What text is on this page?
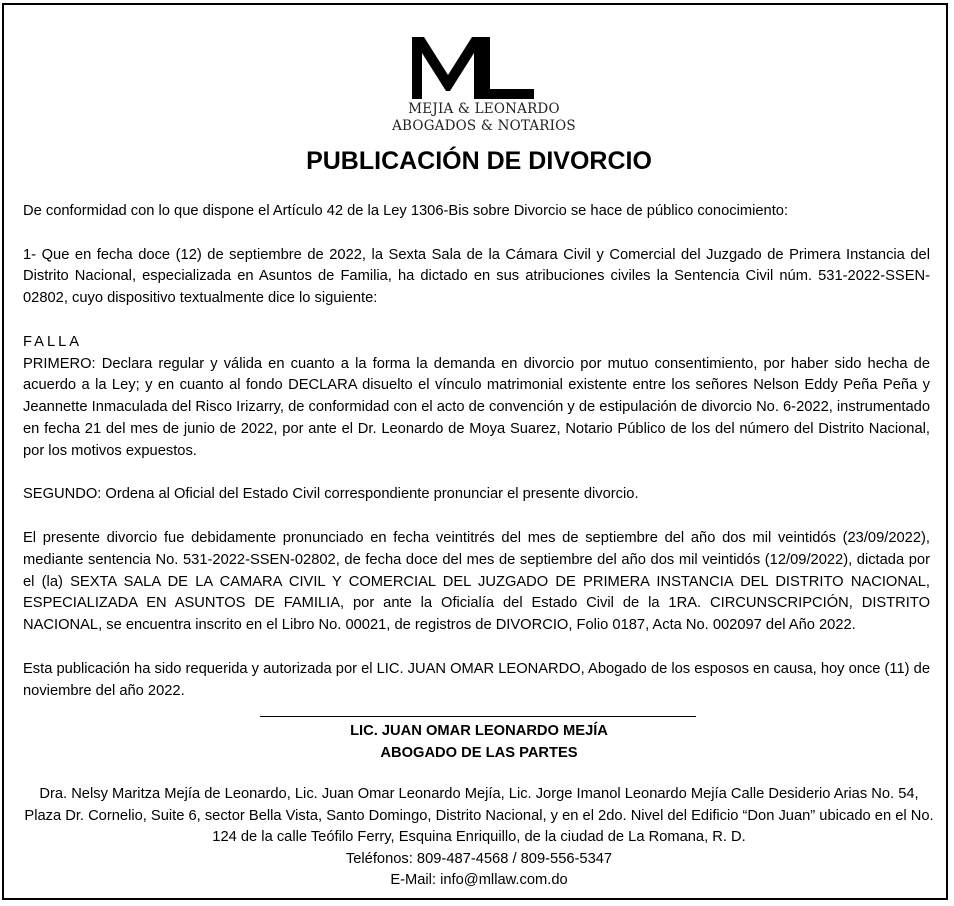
MEJIA & LEONARDO
ABOGADOS & NOTARIOS
PUBLICACIÓN DE DIVORCIO

De conformidad con lo que dispone el Artículo 42 de la Ley 1306-Bis sobre Divorcio se hace de público conocimiento:

1- Que en fecha doce (12) de septiembre de 2022, la Sexta Sala de la Cámara Civil y Comercial del Juzgado de Primera Instancia del Distrito Nacional, especializada en Asuntos de Familia, ha dictado en sus atribuciones civiles la Sentencia Civil núm. 531-2022-SSEN-02802, cuyo dispositivo textualmente dice lo siguiente:

FALLA

PRIMERO: Declara regular y válida en cuanto a la forma la demanda en divorcio por mutuo consentimiento, por haber sido hecha de acuerdo a la Ley; y en cuanto al fondo DECLARA disuelto el vínculo matrimonial existente entre los señores Nelson Eddy Peña Peña y Jeannette Inmaculada del Risco Irizarry, de conformidad con el acto de convención y de estipulación de divorcio No. 6-2022, instrumentado en fecha 21 del mes de junio de 2022, por ante el Dr. Leonardo de Moya Suarez, Notario Público de los del número del Distrito Nacional, por los motivos expuestos.

SEGUNDO: Ordena al Oficial del Estado Civil correspondiente pronunciar el presente divorcio.

El presente divorcio fue debidamente pronunciado en fecha veintitrés del mes de septiembre del año dos mil veintidós (23/09/2022), mediante sentencia No. 531-2022-SSEN-02802, de fecha doce del mes de septiembre del año dos mil veintidós (12/09/2022), dictada por el (la) SEXTA SALA DE LA CAMARA CIVIL Y COMERCIAL DEL JUZGADO DE PRIMERA INSTANCIA DEL DISTRITO NACIONAL, ESPECIALIZADA EN ASUNTOS DE FAMILIA, por ante la Oficialía del Estado Civil de la 1RA. CIRCUNSCRIPCIÓN, DISTRITO NACIONAL, se encuentra inscrito en el Libro No. 00021, de registros de DIVORCIO, Folio 0187, Acta No. 002097 del Año 2022.

Esta publicación ha sido requerida y autorizada por el LIC. JUAN OMAR LEONARDO, Abogado de los esposos en causa, hoy once (11) de noviembre del año 2022.

LIC. JUAN OMAR LEONARDO MEJÍA
ABOGADO DE LAS PARTES
Dra. Nelsy Maritza Mejía de Leonardo, Lic. Juan Omar Leonardo Mejía, Lic. Jorge Imanol Leonardo Mejía Calle Desiderio Arias No. 54, Plaza Dr. Cornelio, Suite 6, sector Bella Vista, Santo Domingo, Distrito Nacional, y en el 2do. Nivel del Edificio “Don Juan” ubicado en el No. 124 de la calle Teófilo Ferry, Esquina Enriquillo, de la ciudad de La Romana, R. D.
Teléfonos: 809-487-4568 / 809-556-5347
E-Mail: info@mllaw.com.do
